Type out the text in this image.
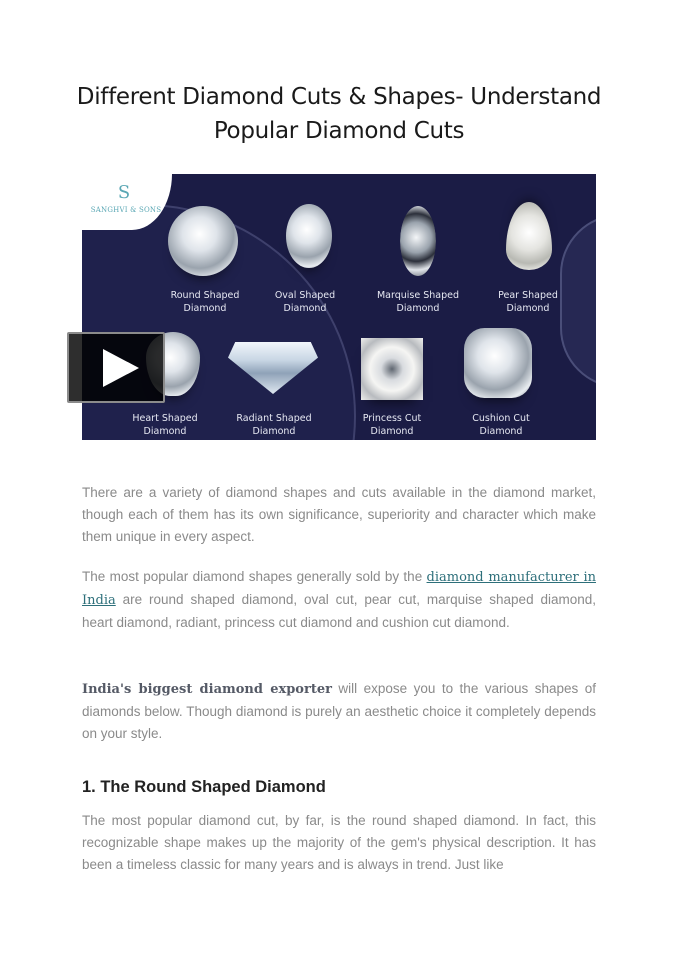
Different Diamond Cuts & Shapes- Understand
Popular Diamond Cuts
S
SANGHVI & SONS
Round Shaped
Diamond
Oval Shaped
Diamond
Marquise Shaped
Diamond
Pear Shaped
Diamond
Heart Shaped
Diamond
Radiant Shaped
Diamond
Princess Cut
Diamond
Cushion Cut
Diamond

There are a variety of diamond shapes and cuts available in the diamond market, though each of them has its own significance, superiority and character which make them unique in every aspect.

The most popular diamond shapes generally sold by the diamond manufacturer in India are round shaped diamond, oval cut, pear cut, marquise shaped diamond, heart diamond, radiant, princess cut diamond and cushion cut diamond.

India's biggest diamond exporter will expose you to the various shapes of diamonds below. Though diamond is purely an aesthetic choice it completely depends on your style.

1. The Round Shaped Diamond

The most popular diamond cut, by far, is the round shaped diamond. In fact, this recognizable shape makes up the majority of the gem's physical description. It has been a timeless classic for many years and is always in trend. Just like
